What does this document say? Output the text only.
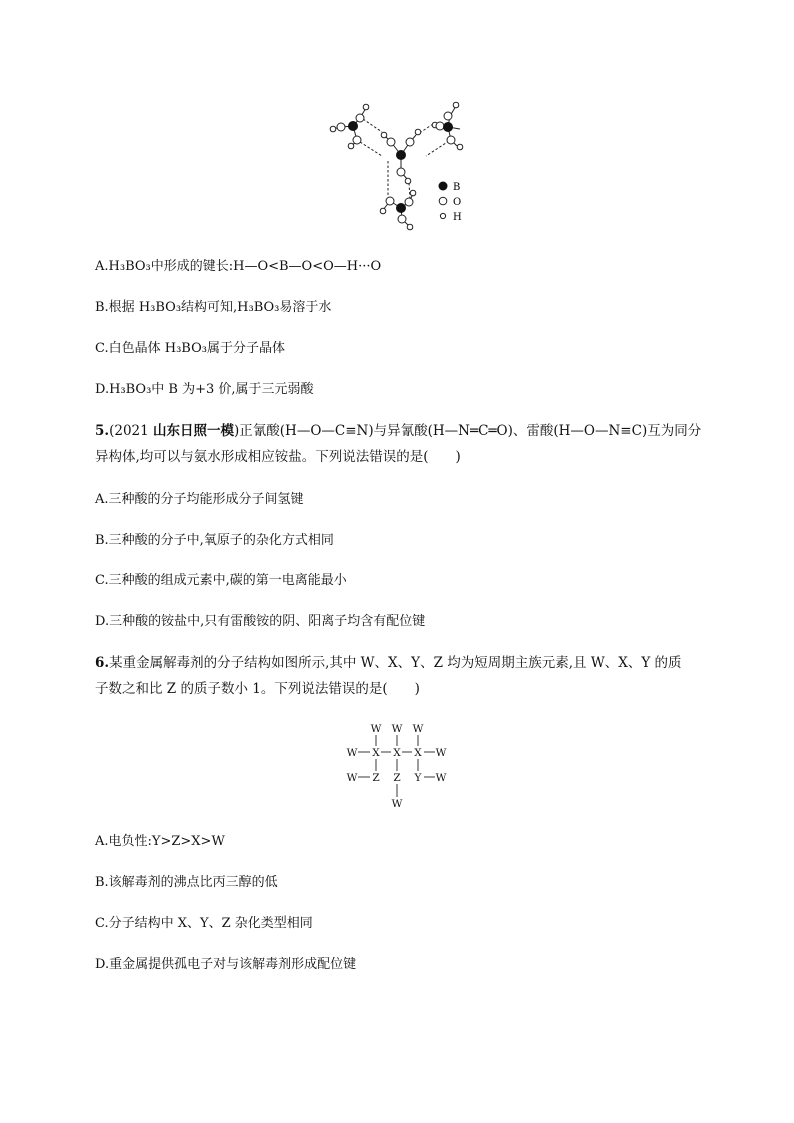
B
O
H
A.H₃BO₃中形成的键长:H—O<B—O<O—H···O
B.根据 H₃BO₃结构可知,H₃BO₃易溶于水
C.白色晶体 H₃BO₃属于分子晶体
D.H₃BO₃中 B 为+3 价,属于三元弱酸
5.(2021 山东日照一模)正氰酸(H—O—C≡N)与异氰酸(H—N═C═O)、雷酸(H—O—N≡C)互为同分
异构体,均可以与氨水形成相应铵盐。下列说法错误的是(　　)
A.三种酸的分子均能形成分子间氢键
B.三种酸的分子中,氧原子的杂化方式相同
C.三种酸的组成元素中,碳的第一电离能最小
D.三种酸的铵盐中,只有雷酸铵的阴、阳离子均含有配位键
6.某重金属解毒剂的分子结构如图所示,其中 W、X、Y、Z 均为短周期主族元素,且 W、X、Y 的质
子数之和比 Z 的质子数小 1。下列说法错误的是(　　)
W W W
W X X X W
W Z Z Y W
W
A.电负性:Y>Z>X>W
B.该解毒剂的沸点比丙三醇的低
C.分子结构中 X、Y、Z 杂化类型相同
D.重金属提供孤电子对与该解毒剂形成配位键
